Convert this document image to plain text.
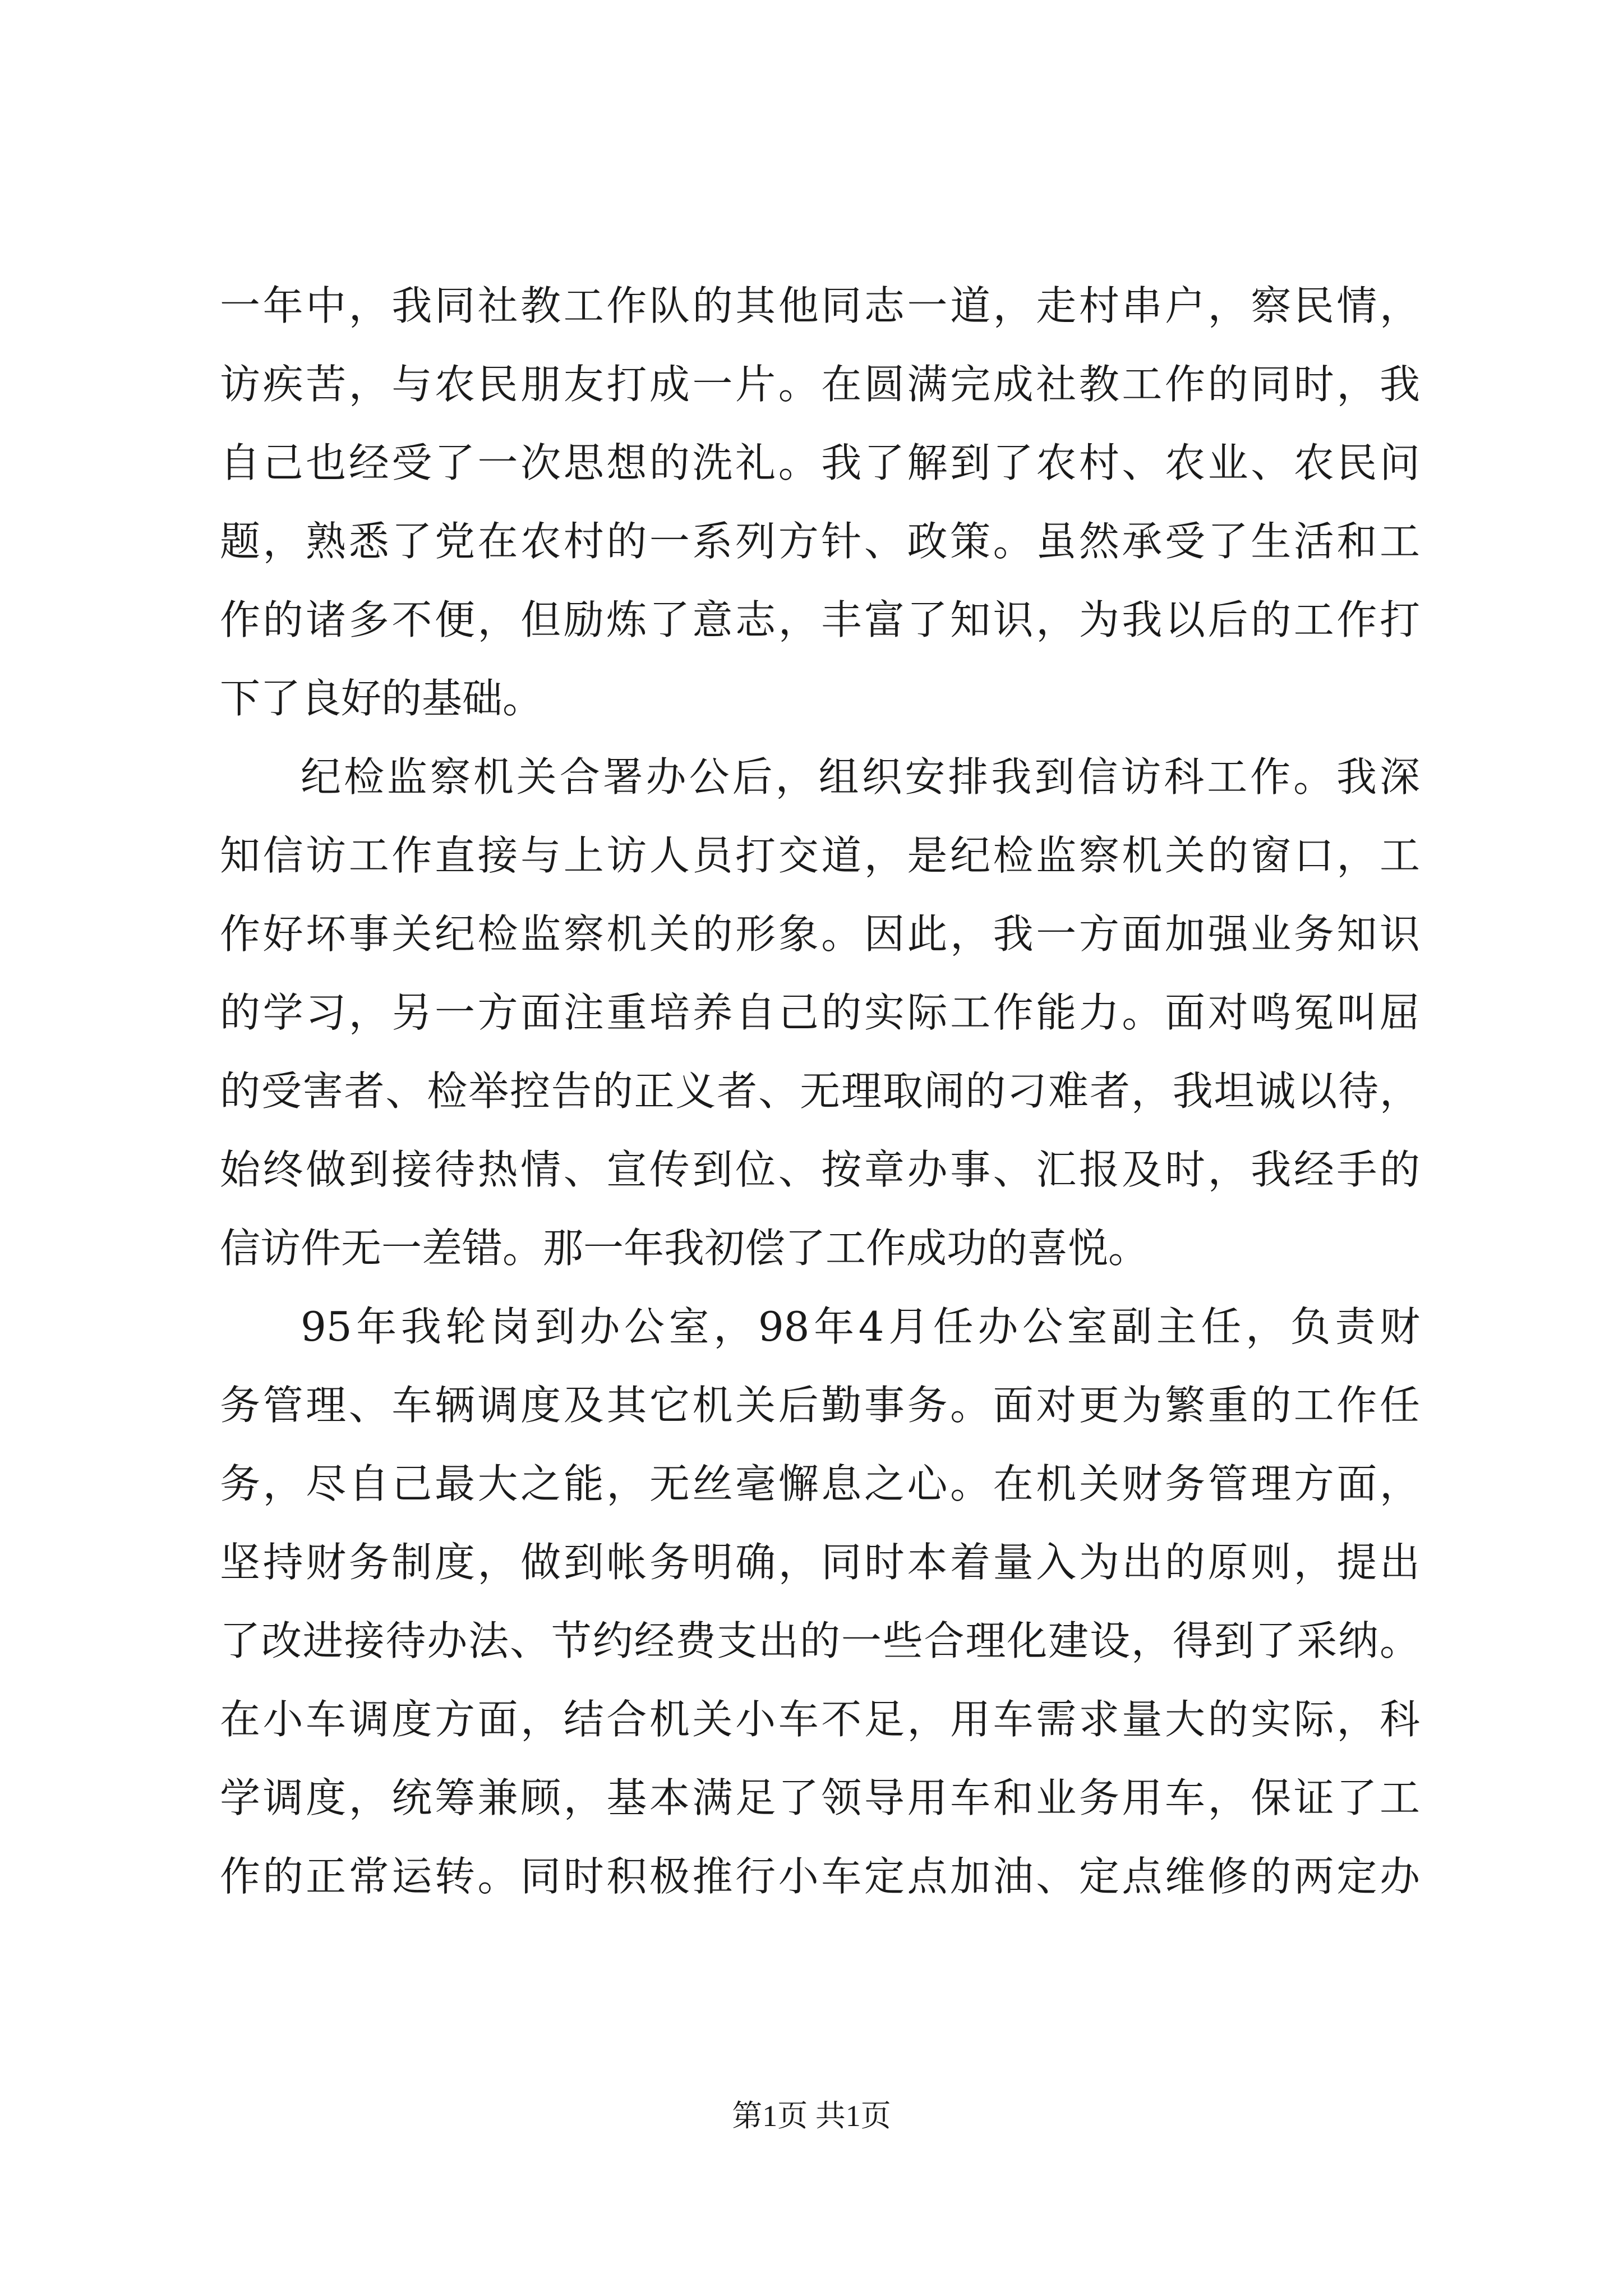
一年中，我同社教工作队的其他同志一道，走村串户，察民情，
访疾苦，与农民朋友打成一片。在圆满完成社教工作的同时，我
自己也经受了一次思想的洗礼。我了解到了农村、农业、农民问
题，熟悉了党在农村的一系列方针、政策。虽然承受了生活和工
作的诸多不便，但励炼了意志，丰富了知识，为我以后的工作打
下了良好的基础。
纪检监察机关合署办公后，组织安排我到信访科工作。我深
知信访工作直接与上访人员打交道，是纪检监察机关的窗口，工
作好坏事关纪检监察机关的形象。因此，我一方面加强业务知识
的学习，另一方面注重培养自己的实际工作能力。面对鸣冤叫屈
的受害者、检举控告的正义者、无理取闹的刁难者，我坦诚以待，
始终做到接待热情、宣传到位、按章办事、汇报及时，我经手的
信访件无一差错。那一年我初偿了工作成功的喜悦。
95年我轮岗到办公室，98年4月任办公室副主任，负责财
务管理、车辆调度及其它机关后勤事务。面对更为繁重的工作任
务，尽自己最大之能，无丝毫懈息之心。在机关财务管理方面，
坚持财务制度，做到帐务明确，同时本着量入为出的原则，提出
了改进接待办法、节约经费支出的一些合理化建设，得到了采纳。
在小车调度方面，结合机关小车不足，用车需求量大的实际，科
学调度，统筹兼顾，基本满足了领导用车和业务用车，保证了工
作的正常运转。同时积极推行小车定点加油、定点维修的两定办
第1页 共1页
